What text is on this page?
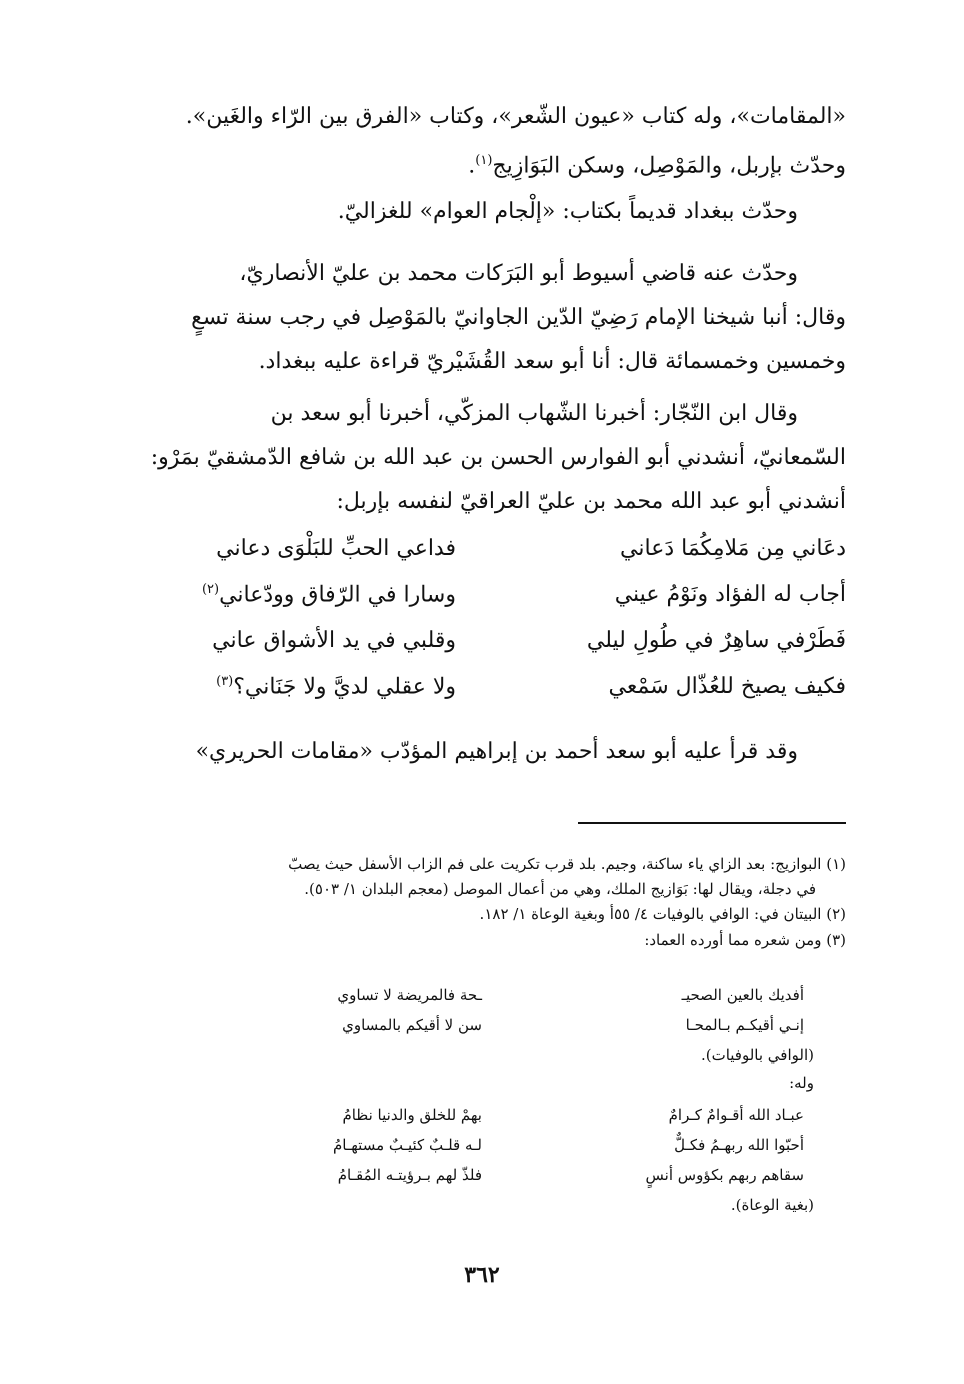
«المقامات»، وله كتاب «عيون الشّعر»، وكتاب «الفرق بين الرّاء والغَين».
وحدّث بإربل، والمَوْصِل، وسكن البَوَازِيج$^{(١)}$.
وحدّث ببغداد قديماً بكتاب: «إلْجام العوام» للغزاليّ.
وحدّث عنه قاضي أسيوط أبو البَرَكات محمد بن عليّ الأنصاريّ،
وقال: أنبا شيخنا الإمام رَضِيّ الدّين الجاوانيّ بالمَوْصِل في رجب سنة تسعٍ
وخمسين وخمسمائة قال: أنا أبو سعد القُشَيْريّ قراءة عليه ببغداد.
وقال ابن النّجّار: أخبرنا الشّهاب المزكّي، أخبرنا أبو سعد بن
السّمعانيّ، أنشدني أبو الفوارس الحسن بن عبد الله بن شافع الدّمشقيّ بمَرْو:
أنشدني أبو عبد الله محمد بن عليّ العراقيّ لنفسه بإربل:
دعَاني مِن مَلامِكُمَا دَعاني
فداعي الحبِّ للبَلْوَى دعاني
أجاب له الفؤاد ونَوْمُ عيني
وسارا في الرّفاق وودّعاني$^{(٢)}$
فَطَرْفي ساهِرٌ في طُولِ ليلي
وقلبي في يد الأشواق عاني
فكيف يصيخ للعُذّال سَمْعي
ولا عقلي لديَّ ولا جَنَاني؟$^{(٣)}$
وقد قرأ عليه أبو سعد أحمد بن إبراهيم المؤدّب «مقامات الحريري»
(١) البوازيج: بعد الزاي ياء ساكنة، وجيم. بلد قرب تكريت على فم الزاب الأسفل حيث يصبّ
في دجلة، ويقال لها: بَوَازيج الملك، وهي من أعمال الموصل (معجم البلدان ١/ ٥٠٣).
(٢) البيتان في: الوافي بالوفيات ٤/ ٥٥أ وبغية الوعاة ١/ ١٨٢.
(٣) ومن شعره مما أورده العماد:
أفديك بالعين الصحيـ
ـحة فالمريضة لا تساوي
إنـي أقيكـم بـالمحـا
سن لا أقيكم بالمساوي
(الوافي بالوفيات).
وله:
عبـاد الله أقـوامٌ كـرامٌ
بهمْ للخلق والدنيا نظامُ
أحبّوا الله ربهـمُ فكـلٌّ
لـه قلـبٌ كئيـبٌ مستهـامُ
سقاهم ربهم بكؤوس أنسٍ
فلذّ لهم بـرؤيتـه المُقـامُ
(بغية الوعاة).
٣٦٢
